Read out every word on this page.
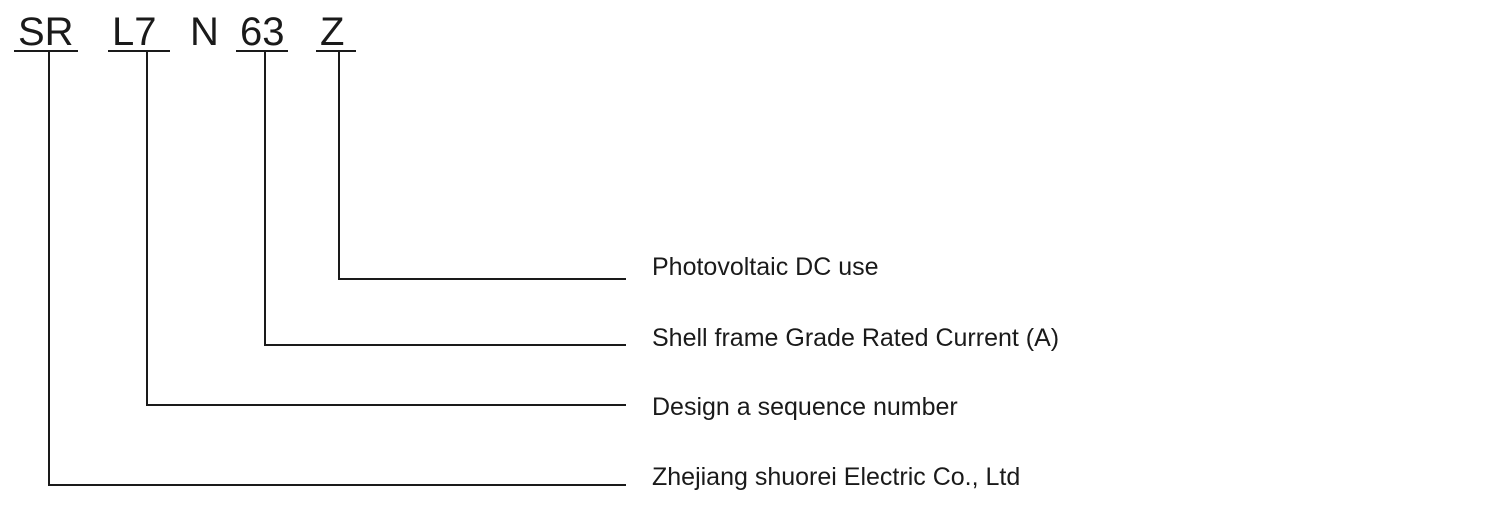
SR L7 N 63 Z
Photovoltaic DC use
Shell frame Grade Rated Current (A)
Design a sequence number
Zhejiang shuorei Electric Co., Ltd
